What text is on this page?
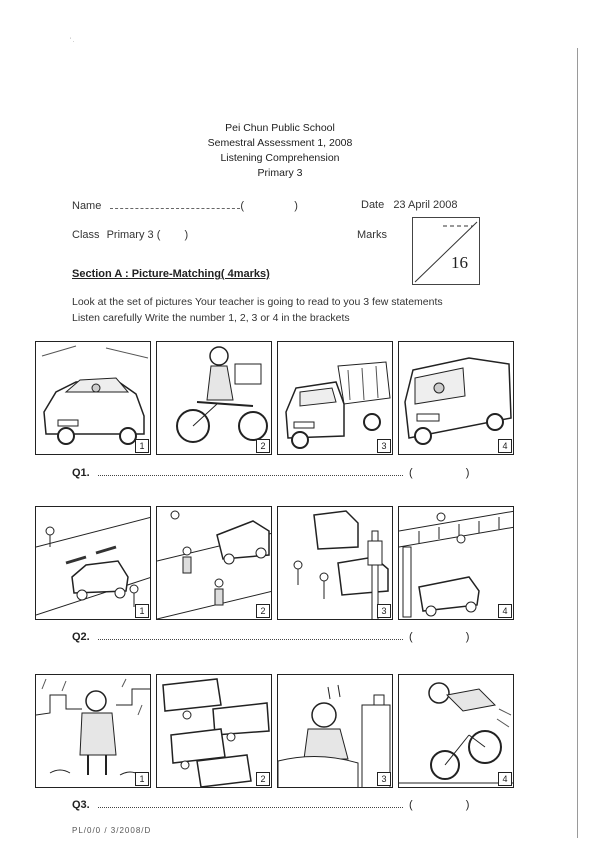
' .
Pei Chun Public School
Semestral Assessment 1, 2008
Listening Comprehension
Primary 3
Name	(	)	Date 23 April 2008
Class Primary 3 ( )	Marks
16
Section A : Picture-Matching( 4marks)
Look at the set of pictures Your teacher is going to read to you 3 few statements Listen carefully Write the number 1, 2, 3 or 4 in the brackets
1	2	3	4
Q1.	(	)
1	2	3	4
Q2.	(	)
1	2	3	4
Q3.	(	)
PL/0/0 / 3/2008/D
